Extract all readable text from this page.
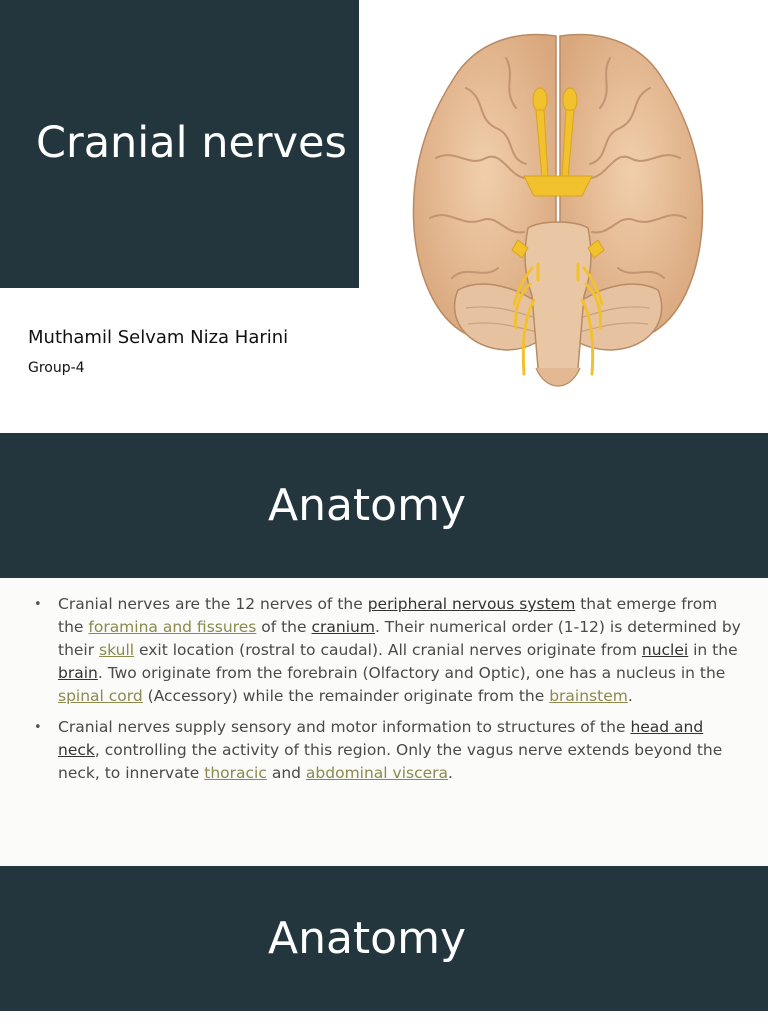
Cranial nerves
Muthamil Selvam Niza Harini
Group-4
Anatomy
• Cranial nerves are the 12 nerves of the peripheral nervous system that emerge from the foramina and fissures of the cranium. Their numerical order (1-12) is determined by their skull exit location (rostral to caudal). All cranial nerves originate from nuclei in the brain. Two originate from the forebrain (Olfactory and Optic), one has a nucleus in the spinal cord (Accessory) while the remainder originate from the brainstem.
• Cranial nerves supply sensory and motor information to structures of the head and neck, controlling the activity of this region. Only the vagus nerve extends beyond the neck, to innervate thoracic and abdominal viscera.
Anatomy
